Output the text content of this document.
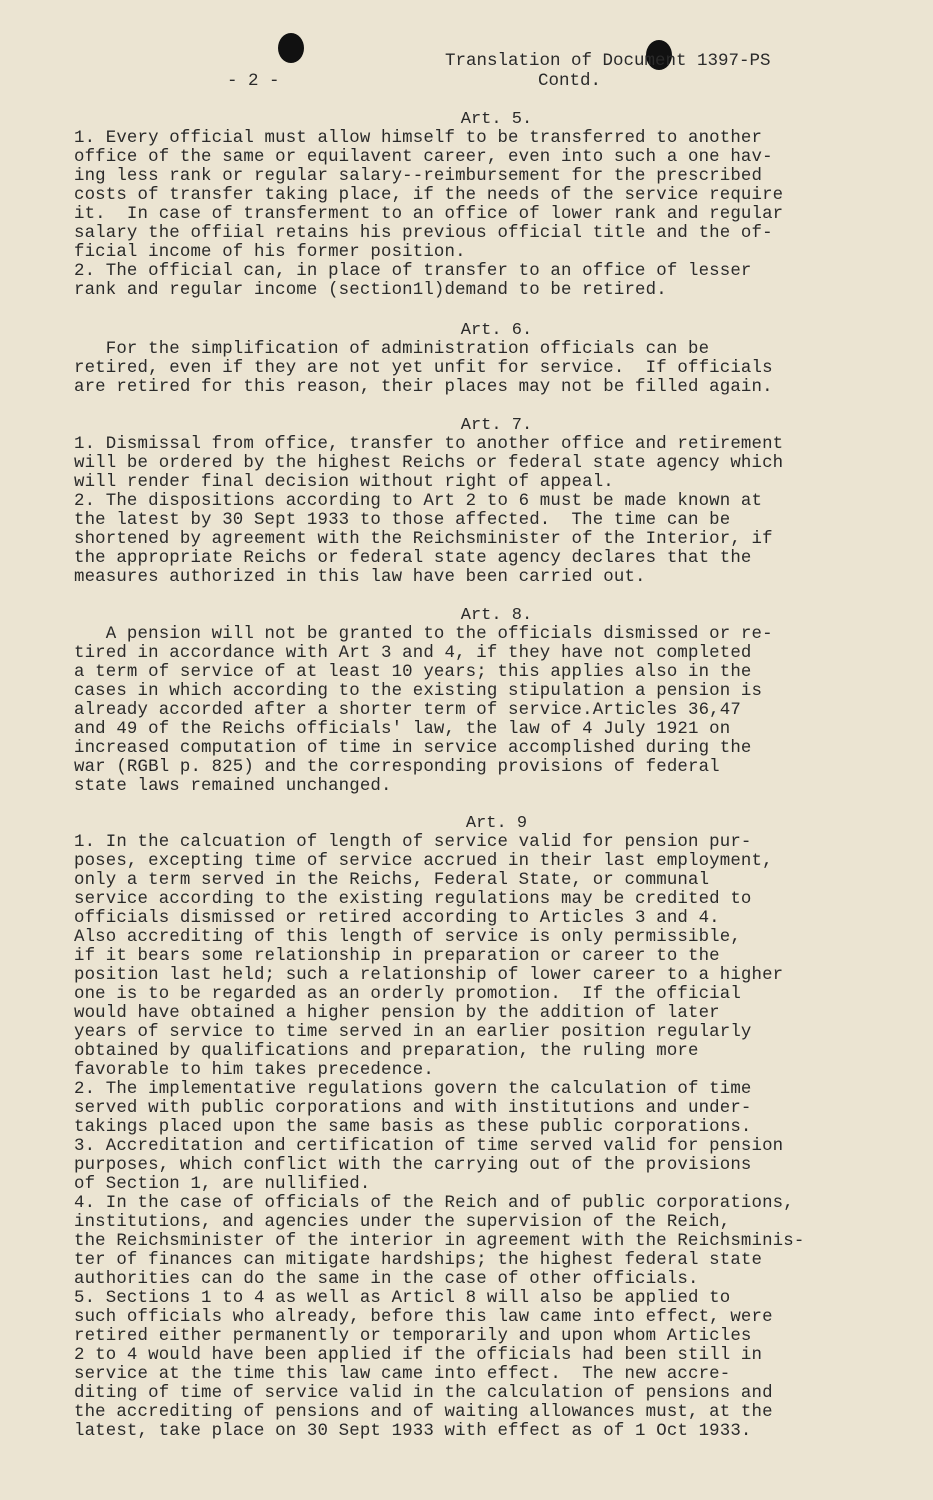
Translation of Document 1397-PS
Contd.
- 2 -
Art. 5.
1. Every official must allow himself to be transferred to another
office of the same or equilavent career, even into such a one hav-
ing less rank or regular salary--reimbursement for the prescribed
costs of transfer taking place, if the needs of the service require
it.  In case of transferment to an office of lower rank and regular
salary the offiial retains his previous official title and the of-
ficial income of his former position.
2. The official can, in place of transfer to an office of lesser
rank and regular income (section1l)demand to be retired.
Art. 6.
For the simplification of administration officials can be
retired, even if they are not yet unfit for service.  If officials
are retired for this reason, their places may not be filled again.
Art. 7.
1. Dismissal from office, transfer to another office and retirement
will be ordered by the highest Reichs or federal state agency which
will render final decision without right of appeal.
2. The dispositions according to Art 2 to 6 must be made known at
the latest by 30 Sept 1933 to those affected.  The time can be
shortened by agreement with the Reichsminister of the Interior, if
the appropriate Reichs or federal state agency declares that the
measures authorized in this law have been carried out.
Art. 8.
A pension will not be granted to the officials dismissed or re-
tired in accordance with Art 3 and 4, if they have not completed
a term of service of at least 10 years; this applies also in the
cases in which according to the existing stipulation a pension is
already accorded after a shorter term of service.Articles 36,47
and 49 of the Reichs officials' law, the law of 4 July 1921 on
increased computation of time in service accomplished during the
war (RGBl p. 825) and the corresponding provisions of federal
state laws remained unchanged.
Art. 9
1. In the calcuation of length of service valid for pension pur-
poses, excepting time of service accrued in their last employment,
only a term served in the Reichs, Federal State, or communal
service according to the existing regulations may be credited to
officials dismissed or retired according to Articles 3 and 4.
Also accrediting of this length of service is only permissible,
if it bears some relationship in preparation or career to the
position last held; such a relationship of lower career to a higher
one is to be regarded as an orderly promotion.  If the official
would have obtained a higher pension by the addition of later
years of service to time served in an earlier position regularly
obtained by qualifications and preparation, the ruling more
favorable to him takes precedence.
2. The implementative regulations govern the calculation of time
served with public corporations and with institutions and under-
takings placed upon the same basis as these public corporations.
3. Accreditation and certification of time served valid for pension
purposes, which conflict with the carrying out of the provisions
of Section 1, are nullified.
4. In the case of officials of the Reich and of public corporations,
institutions, and agencies under the supervision of the Reich,
the Reichsminister of the interior in agreement with the Reichsminis-
ter of finances can mitigate hardships; the highest federal state
authorities can do the same in the case of other officials.
5. Sections 1 to 4 as well as Articl 8 will also be applied to
such officials who already, before this law came into effect, were
retired either permanently or temporarily and upon whom Articles
2 to 4 would have been applied if the officials had been still in
service at the time this law came into effect.  The new accre-
diting of time of service valid in the calculation of pensions and
the accrediting of pensions and of waiting allowances must, at the
latest, take place on 30 Sept 1933 with effect as of 1 Oct 1933.
